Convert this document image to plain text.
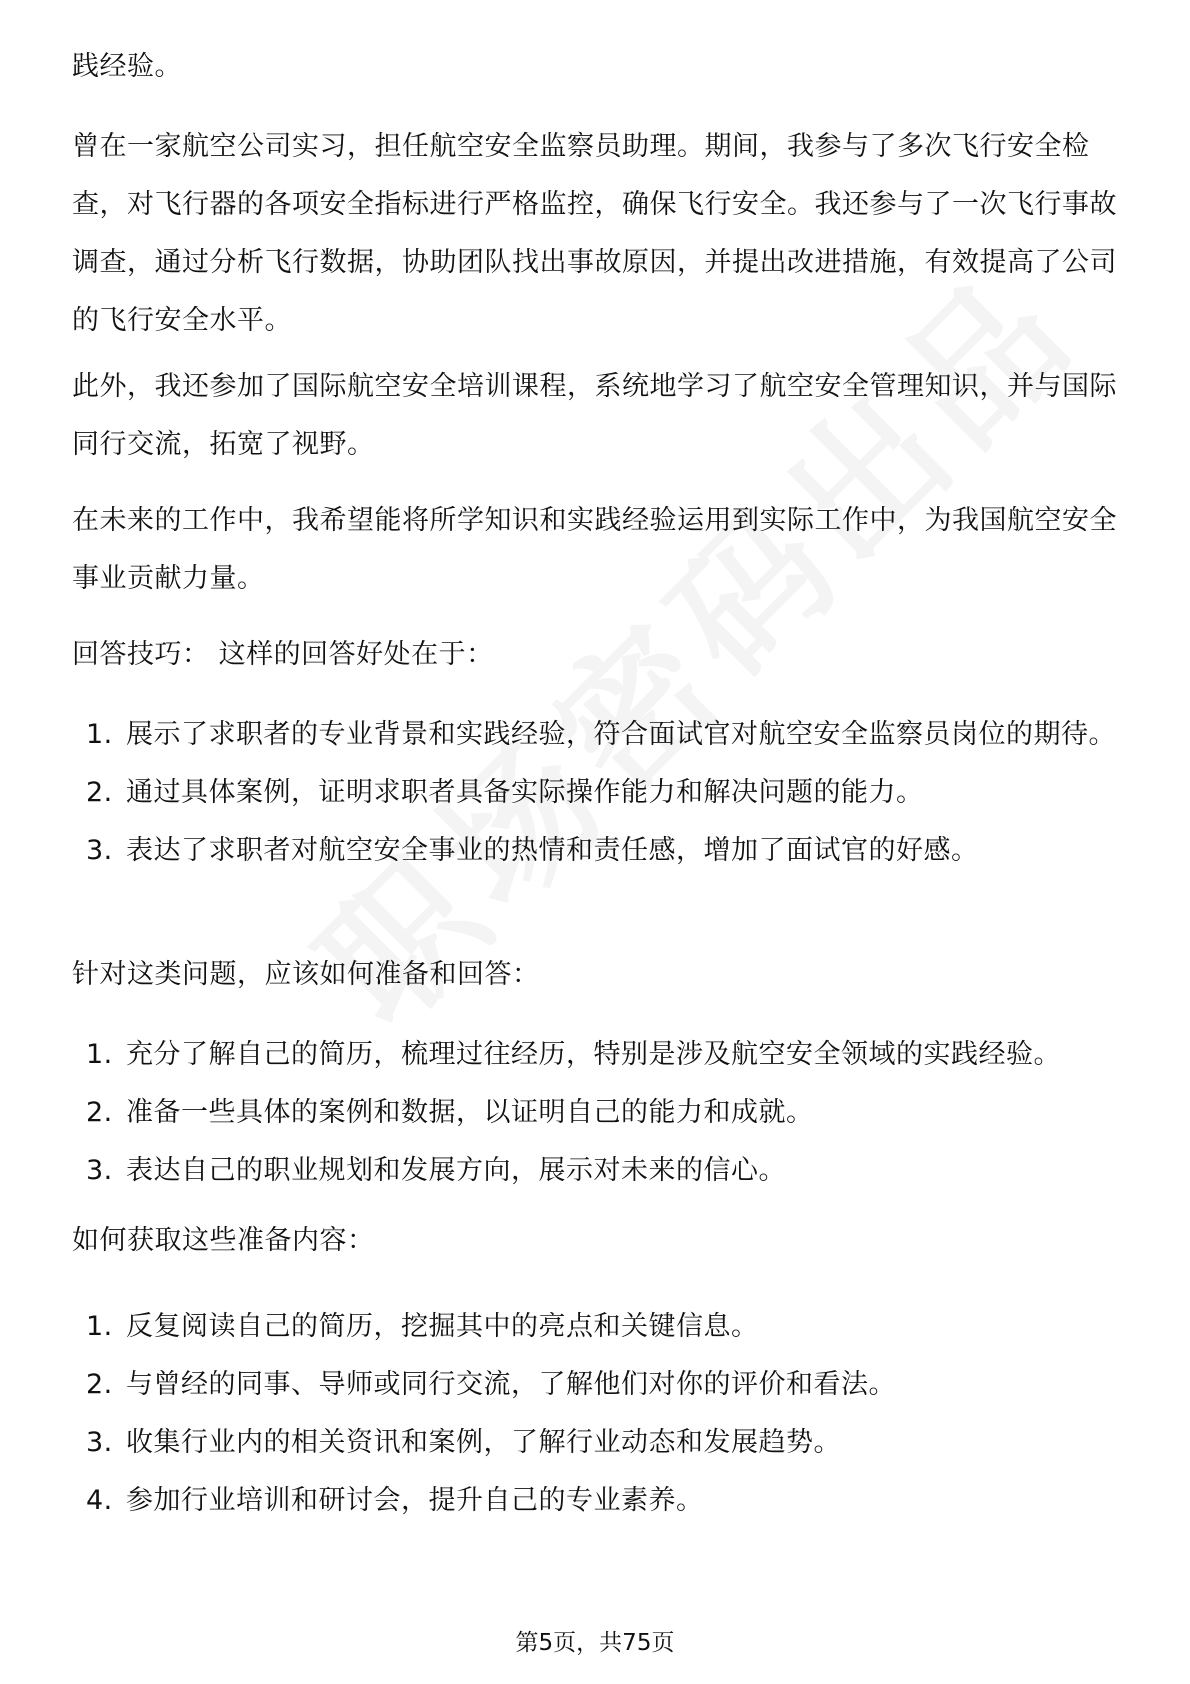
践经验。

曾在一家航空公司实习，担任航空安全监察员助理。期间，我参与了多次飞行安全检查，对飞行器的各项安全指标进行严格监控，确保飞行安全。我还参与了一次飞行事故调查，通过分析飞行数据，协助团队找出事故原因，并提出改进措施，有效提高了公司的飞行安全水平。

此外，我还参加了国际航空安全培训课程，系统地学习了航空安全管理知识，并与国际同行交流，拓宽了视野。

在未来的工作中，我希望能将所学知识和实践经验运用到实际工作中，为我国航空安全事业贡献力量。

回答技巧： 这样的回答好处在于：

1. 展示了求职者的专业背景和实践经验，符合面试官对航空安全监察员岗位的期待。
2. 通过具体案例，证明求职者具备实际操作能力和解决问题的能力。
3. 表达了求职者对航空安全事业的热情和责任感，增加了面试官的好感。

针对这类问题，应该如何准备和回答：

1. 充分了解自己的简历，梳理过往经历，特别是涉及航空安全领域的实践经验。
2. 准备一些具体的案例和数据，以证明自己的能力和成就。
3. 表达自己的职业规划和发展方向，展示对未来的信心。

如何获取这些准备内容：

1. 反复阅读自己的简历，挖掘其中的亮点和关键信息。
2. 与曾经的同事、导师或同行交流，了解他们对你的评价和看法。
3. 收集行业内的相关资讯和案例，了解行业动态和发展趋势。
4. 参加行业培训和研讨会，提升自己的专业素养。
第5页，共75页
